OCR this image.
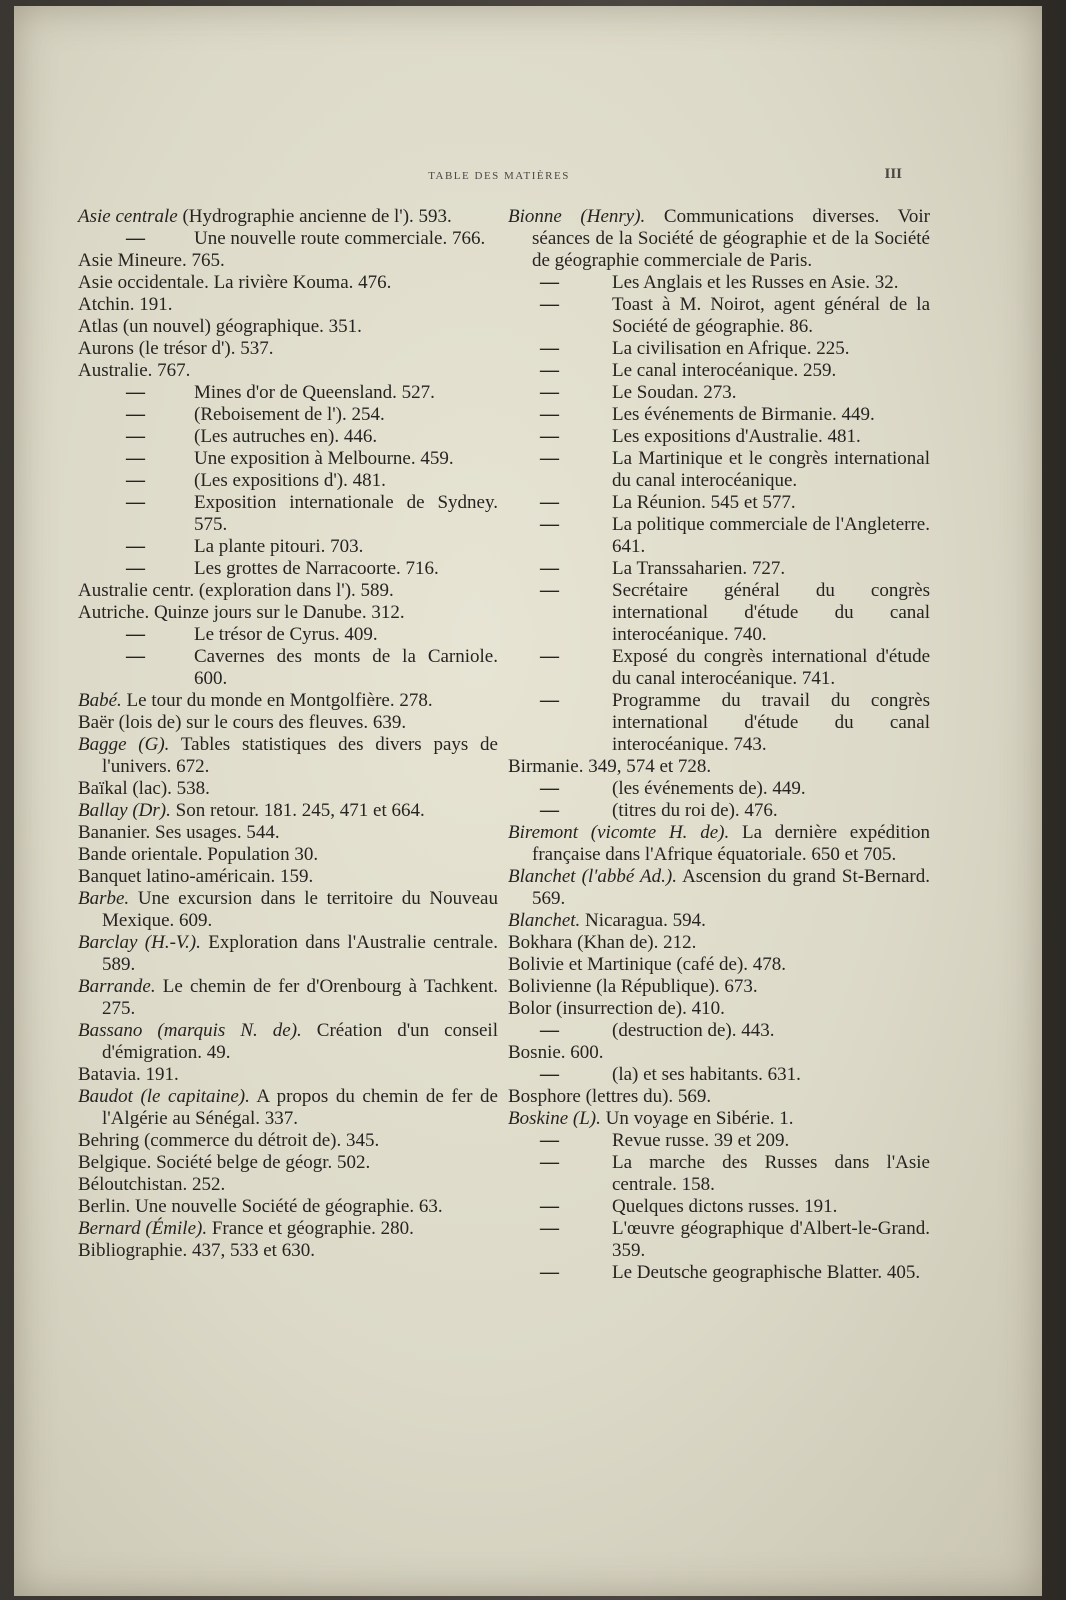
TABLE DES MATIÈRES	III
Asie centrale (Hydrographie ancienne de l'). 593.
—	Une nouvelle route commerciale. 766.
Asie Mineure. 765.
Asie occidentale. La rivière Kouma. 476.
Atchin. 191.
Atlas (un nouvel) géographique. 351.
Aurons (le trésor d'). 537.
Australie. 767.
—	Mines d'or de Queensland. 527.
—	(Reboisement de l'). 254.
—	(Les autruches en). 446.
—	Une exposition à Melbourne. 459.
—	(Les expositions d'). 481.
—	Exposition internationale de Sydney. 575.
—	La plante pitouri. 703.
—	Les grottes de Narracoorte. 716.
Australie centr. (exploration dans l'). 589.
Autriche. Quinze jours sur le Danube. 312.
—	Le trésor de Cyrus. 409.
—	Cavernes des monts de la Carniole. 600.
Babé. Le tour du monde en Montgolfière. 278.
Baër (lois de) sur le cours des fleuves. 639.
Bagge (G). Tables statistiques des divers pays de l'univers. 672.
Baïkal (lac). 538.
Ballay (Dr). Son retour. 181. 245, 471 et 664.
Bananier. Ses usages. 544.
Bande orientale. Population 30.
Banquet latino-américain. 159.
Barbe. Une excursion dans le territoire du Nouveau Mexique. 609.
Barclay (H.-V.). Exploration dans l'Australie centrale. 589.
Barrande. Le chemin de fer d'Orenbourg à Tachkent. 275.
Bassano (marquis N. de). Création d'un conseil d'émigration. 49.
Batavia. 191.
Baudot (le capitaine). A propos du chemin de fer de l'Algérie au Sénégal. 337.
Behring (commerce du détroit de). 345.
Belgique. Société belge de géogr. 502.
Béloutchistan. 252.
Berlin. Une nouvelle Société de géographie. 63.
Bernard (Émile). France et géographie. 280.
Bibliographie. 437, 533 et 630.
Bionne (Henry). Communications diverses. Voir séances de la Société de géographie et de la Société de géographie commerciale de Paris.
—	Les Anglais et les Russes en Asie. 32.
—	Toast à M. Noirot, agent général de la Société de géographie. 86.
—	La civilisation en Afrique. 225.
—	Le canal interocéanique. 259.
—	Le Soudan. 273.
—	Les événements de Birmanie. 449.
—	Les expositions d'Australie. 481.
—	La Martinique et le congrès international du canal interocéanique.
—	La Réunion. 545 et 577.
—	La politique commerciale de l'Angleterre. 641.
—	La Transsaharien. 727.
—	Secrétaire général du congrès international d'étude du canal interocéanique. 740.
—	Exposé du congrès international d'étude du canal interocéanique. 741.
—	Programme du travail du congrès international d'étude du canal interocéanique. 743.
Birmanie. 349, 574 et 728.
—	(les événements de). 449.
—	(titres du roi de). 476.
Biremont (vicomte H. de). La dernière expédition française dans l'Afrique équatoriale. 650 et 705.
Blanchet (l'abbé Ad.). Ascension du grand St-Bernard. 569.
Blanchet. Nicaragua. 594.
Bokhara (Khan de). 212.
Bolivie et Martinique (café de). 478.
Bolivienne (la République). 673.
Bolor (insurrection de). 410.
—	(destruction de). 443.
Bosnie. 600.
—	(la) et ses habitants. 631.
Bosphore (lettres du). 569.
Boskine (L). Un voyage en Sibérie. 1.
—	Revue russe. 39 et 209.
—	La marche des Russes dans l'Asie centrale. 158.
—	Quelques dictons russes. 191.
—	L'œuvre géographique d'Albert-le-Grand. 359.
—	Le Deutsche geographische Blatter. 405.
